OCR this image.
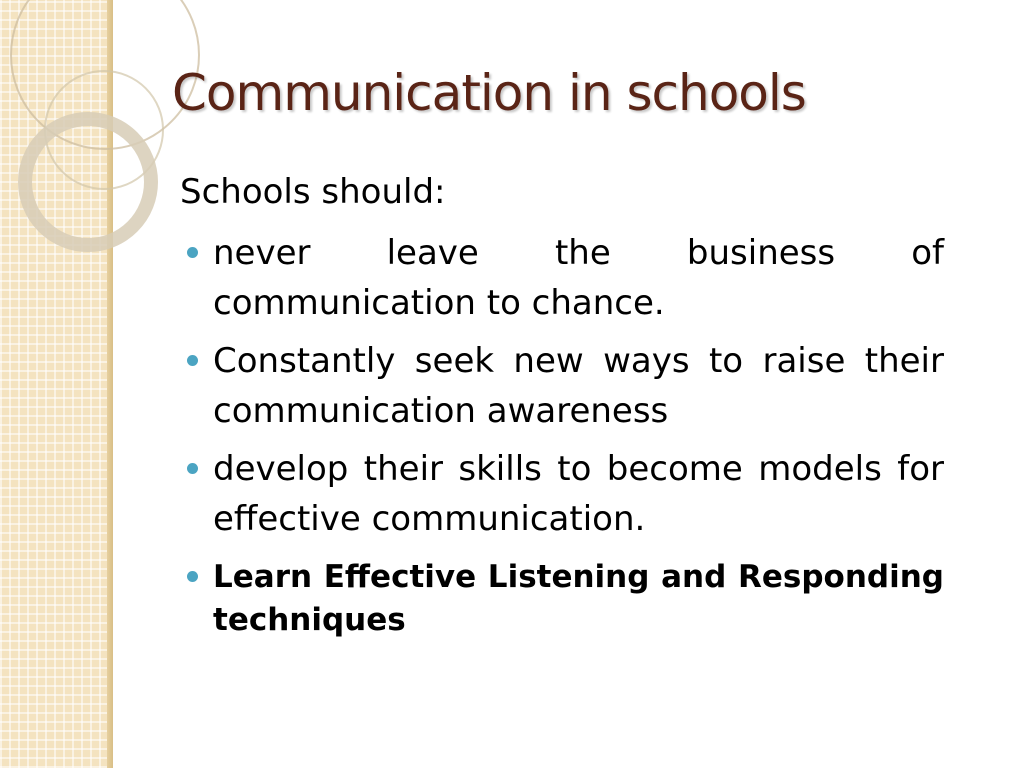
Communication in schools

Schools should:

never leave the business of communication to chance.
Constantly seek new ways to raise their communication awareness
develop their skills to become models for effective communication.
Learn Effective Listening and Responding techniques
